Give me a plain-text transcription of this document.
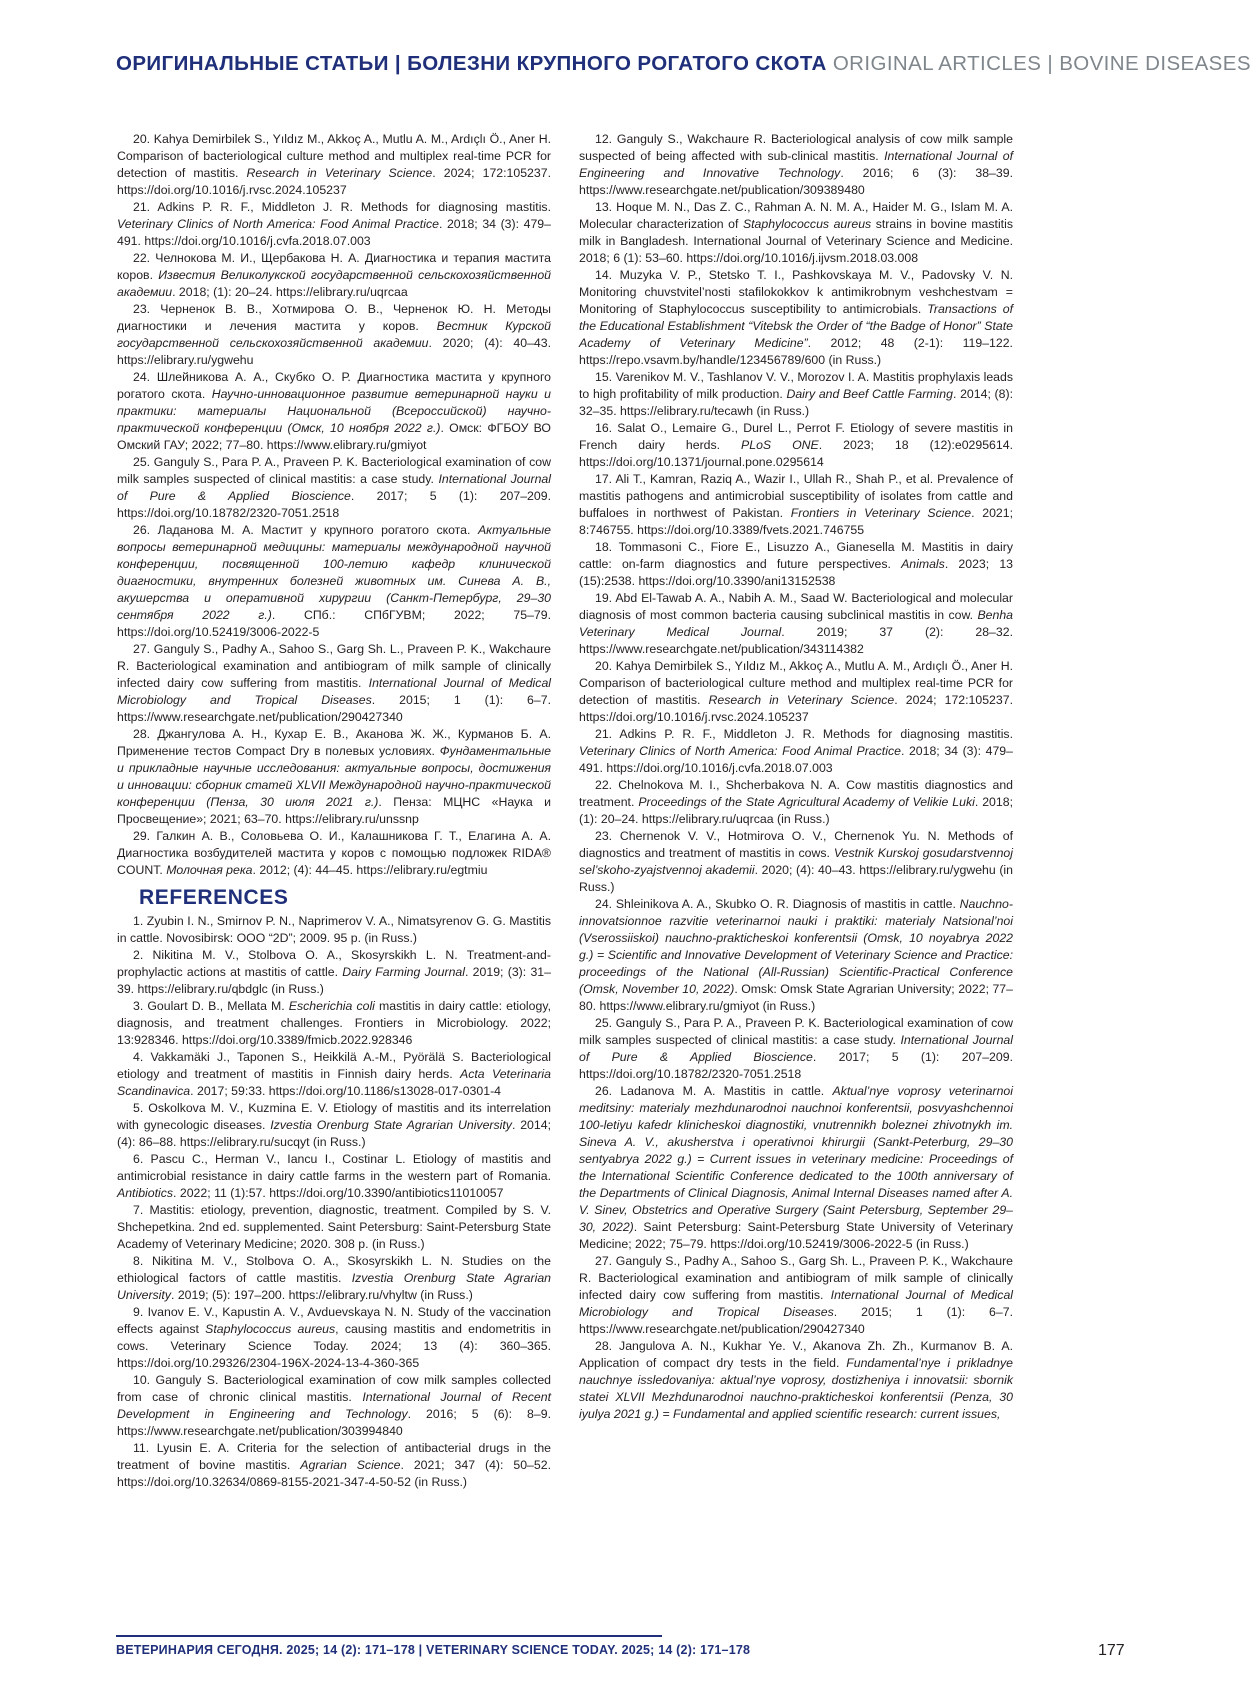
ОРИГИНАЛЬНЫЕ СТАТЬИ | БОЛЕЗНИ КРУПНОГО РОГАТОГО СКОТА ORIGINAL ARTICLES | BOVINE DISEASES

20. Kahya Demirbilek S., Yıldız M., Akkoç A., Mutlu A. M., Ardıçlı Ö., Aner H. Comparison of bacteriological culture method and multiplex real-time PCR for detection of mastitis. Research in Veterinary Science. 2024; 172:105237. https://doi.org/10.1016/j.rvsc.2024.105237

21. Adkins P. R. F., Middleton J. R. Methods for diagnosing mastitis. Veterinary Clinics of North America: Food Animal Practice. 2018; 34 (3): 479–491. https://doi.org/10.1016/j.cvfa.2018.07.003

22. Челнокова М. И., Щербакова Н. А. Диагностика и терапия мастита коров. Известия Великолукской государственной сельскохозяйственной академии. 2018; (1): 20–24. https://elibrary.ru/uqrcaa

23. Черненок В. В., Хотмирова О. В., Черненок Ю. Н. Методы диагностики и лечения мастита у коров. Вестник Курской государственной сельскохозяйственной академии. 2020; (4): 40–43. https://elibrary.ru/ygwehu

24. Шлейникова А. А., Скубко О. Р. Диагностика мастита у крупного рогатого скота. Научно-инновационное развитие ветеринарной науки и практики: материалы Национальной (Всероссийской) научно-практической конференции (Омск, 10 ноября 2022 г.). Омск: ФГБОУ ВО Омский ГАУ; 2022; 77–80. https://www.elibrary.ru/gmiyot

25. Ganguly S., Para P. A., Praveen P. K. Bacteriological examination of cow milk samples suspected of clinical mastitis: a case study. International Journal of Pure & Applied Bioscience. 2017; 5 (1): 207–209. https://doi.org/10.18782/2320-7051.2518

26. Ладанова М. А. Мастит у крупного рогатого скота. Актуальные вопросы ветеринарной медицины: материалы международной научной конференции, посвященной 100-летию кафедр клинической диагностики, внутренних болезней животных им. Синева А. В., акушерства и оперативной хирургии (Санкт-Петербург, 29–30 сентября 2022 г.). СПб.: СПбГУВМ; 2022; 75–79. https://doi.org/10.52419/3006-2022-5

27. Ganguly S., Padhy A., Sahoo S., Garg Sh. L., Praveen P. K., Wakchaure R. Bacteriological examination and antibiogram of milk sample of clinically infected dairy cow suffering from mastitis. International Journal of Medical Microbiology and Tropical Diseases. 2015; 1 (1): 6–7. https://www.researchgate.net/publication/290427340

28. Джангулова А. Н., Кухар Е. В., Аканова Ж. Ж., Курманов Б. А. Применение тестов Compact Dry в полевых условиях. Фундаментальные и прикладные научные исследования: актуальные вопросы, достижения и инновации: сборник статей XLVII Международной научно-практической конференции (Пенза, 30 июля 2021 г.). Пенза: МЦНС «Наука и Просвещение»; 2021; 63–70. https://elibrary.ru/unssnp

29. Галкин А. В., Соловьева О. И., Калашникова Г. Т., Елагина А. А. Диагностика возбудителей мастита у коров с помощью подложек RIDA® COUNT. Молочная река. 2012; (4): 44–45. https://elibrary.ru/egtmiu

REFERENCES

1. Zyubin I. N., Smirnov P. N., Naprimerov V. A., Nimatsyrenov G. G. Mastitis in cattle. Novosibirsk: OOO “2D”; 2009. 95 p. (in Russ.)

2. Nikitina M. V., Stolbova O. A., Skosyrskikh L. N. Treatment-and-prophylactic actions at mastitis of cattle. Dairy Farming Journal. 2019; (3): 31–39. https://elibrary.ru/qbdglc (in Russ.)

3. Goulart D. B., Mellata M. Escherichia coli mastitis in dairy cattle: etiology, diagnosis, and treatment challenges. Frontiers in Microbiology. 2022; 13:928346. https://doi.org/10.3389/fmicb.2022.928346

4. Vakkamäki J., Taponen S., Heikkilä A.-M., Pyörälä S. Bacteriological etiology and treatment of mastitis in Finnish dairy herds. Acta Veterinaria Scandinavica. 2017; 59:33. https://doi.org/10.1186/s13028-017-0301-4

5. Oskolkova M. V., Kuzmina E. V. Etiology of mastitis and its interrelation with gynecologic diseases. Izvestia Orenburg State Agrarian University. 2014; (4): 86–88. https://elibrary.ru/sucqyt (in Russ.)

6. Pascu C., Herman V., Iancu I., Costinar L. Etiology of mastitis and antimicrobial resistance in dairy cattle farms in the western part of Romania. Antibiotics. 2022; 11 (1):57. https://doi.org/10.3390/antibiotics11010057

7. Mastitis: etiology, prevention, diagnostic, treatment. Compiled by S. V. Shchepetkina. 2nd ed. supplemented. Saint Petersburg: Saint-Petersburg State Academy of Veterinary Medicine; 2020. 308 p. (in Russ.)

8. Nikitina M. V., Stolbova O. A., Skosyrskikh L. N. Studies on the ethiological factors of cattle mastitis. Izvestia Orenburg State Agrarian University. 2019; (5): 197–200. https://elibrary.ru/vhyltw (in Russ.)

9. Ivanov E. V., Kapustin A. V., Avduevskaya N. N. Study of the vaccination effects against Staphylococcus aureus, causing mastitis and endometritis in cows. Veterinary Science Today. 2024; 13 (4): 360–365. https://doi.org/10.29326/2304-196X-2024-13-4-360-365

10. Ganguly S. Bacteriological examination of cow milk samples collected from case of chronic clinical mastitis. International Journal of Recent Development in Engineering and Technology. 2016; 5 (6): 8–9. https://www.researchgate.net/publication/303994840

11. Lyusin E. A. Criteria for the selection of antibacterial drugs in the treatment of bovine mastitis. Agrarian Science. 2021; 347 (4): 50–52. https://doi.org/10.32634/0869-8155-2021-347-4-50-52 (in Russ.)

12. Ganguly S., Wakchaure R. Bacteriological analysis of cow milk sample suspected of being affected with sub-clinical mastitis. International Journal of Engineering and Innovative Technology. 2016; 6 (3): 38–39. https://www.researchgate.net/publication/309389480

13. Hoque M. N., Das Z. C., Rahman A. N. M. A., Haider M. G., Islam M. A. Molecular characterization of Staphylococcus aureus strains in bovine mastitis milk in Bangladesh. International Journal of Veterinary Science and Medicine. 2018; 6 (1): 53–60. https://doi.org/10.1016/j.ijvsm.2018.03.008

14. Muzyka V. P., Stetsko T. I., Pashkovskaya M. V., Padovsky V. N. Monitoring chuvstvitel’nosti stafilokokkov k antimikrobnym veshchestvam = Monitoring of Staphylococcus susceptibility to antimicrobials. Transactions of the Educational Establishment “Vitebsk the Order of “the Badge of Honor” State Academy of Veterinary Medicine”. 2012; 48 (2-1): 119–122. https://repo.vsavm.by/handle/123456789/600 (in Russ.)

15. Varenikov M. V., Tashlanov V. V., Morozov I. A. Mastitis prophylaxis leads to high profitability of milk production. Dairy and Beef Cattle Farming. 2014; (8): 32–35. https://elibrary.ru/tecawh (in Russ.)

16. Salat O., Lemaire G., Durel L., Perrot F. Etiology of severe mastitis in French dairy herds. PLoS ONE. 2023; 18 (12):e0295614. https://doi.org/10.1371/journal.pone.0295614

17. Ali T., Kamran, Raziq A., Wazir I., Ullah R., Shah P., et al. Prevalence of mastitis pathogens and antimicrobial susceptibility of isolates from cattle and buffaloes in northwest of Pakistan. Frontiers in Veterinary Science. 2021; 8:746755. https://doi.org/10.3389/fvets.2021.746755

18. Tommasoni C., Fiore E., Lisuzzo A., Gianesella M. Mastitis in dairy cattle: on-farm diagnostics and future perspectives. Animals. 2023; 13 (15):2538. https://doi.org/10.3390/ani13152538

19. Abd El-Tawab A. A., Nabih A. M., Saad W. Bacteriological and molecular diagnosis of most common bacteria causing subclinical mastitis in cow. Benha Veterinary Medical Journal. 2019; 37 (2): 28–32. https://www.researchgate.net/publication/343114382

20. Kahya Demirbilek S., Yıldız M., Akkoç A., Mutlu A. M., Ardıçlı Ö., Aner H. Comparison of bacteriological culture method and multiplex real-time PCR for detection of mastitis. Research in Veterinary Science. 2024; 172:105237. https://doi.org/10.1016/j.rvsc.2024.105237

21. Adkins P. R. F., Middleton J. R. Methods for diagnosing mastitis. Veterinary Clinics of North America: Food Animal Practice. 2018; 34 (3): 479–491. https://doi.org/10.1016/j.cvfa.2018.07.003

22. Chelnokova M. I., Shcherbakova N. A. Cow mastitis diagnostics and treatment. Proceedings of the State Agricultural Academy of Velikie Luki. 2018; (1): 20–24. https://elibrary.ru/uqrcaa (in Russ.)

23. Chernenok V. V., Hotmirova O. V., Chernenok Yu. N. Methods of diagnostics and treatment of mastitis in cows. Vestnik Kurskoj gosudarstvennoj sel’skoho-zyajstvennoj akademii. 2020; (4): 40–43. https://elibrary.ru/ygwehu (in Russ.)

24. Shleinikova A. A., Skubko O. R. Diagnosis of mastitis in cattle. Nauchno-innovatsionnoe razvitie veterinarnoi nauki i praktiki: materialy Natsional’noi (Vserossiiskoi) nauchno-prakticheskoi konferentsii (Omsk, 10 noyabrya 2022 g.) = Scientific and Innovative Development of Veterinary Science and Practice: proceedings of the National (All-Russian) Scientific-Practical Conference (Omsk, November 10, 2022). Omsk: Omsk State Agrarian University; 2022; 77–80. https://www.elibrary.ru/gmiyot (in Russ.)

25. Ganguly S., Para P. A., Praveen P. K. Bacteriological examination of cow milk samples suspected of clinical mastitis: a case study. International Journal of Pure & Applied Bioscience. 2017; 5 (1): 207–209. https://doi.org/10.18782/2320-7051.2518

26. Ladanova M. A. Mastitis in cattle. Aktual’nye voprosy veterinarnoi meditsiny: materialy mezhdunarodnoi nauchnoi konferentsii, posvyashchennoi 100-letiyu kafedr klinicheskoi diagnostiki, vnutrennikh boleznei zhivotnykh im. Sineva A. V., akusherstva i operativnoi khirurgii (Sankt-Peterburg, 29–30 sentyabrya 2022 g.) = Current issues in veterinary medicine: Proceedings of the International Scientific Conference dedicated to the 100th anniversary of the Departments of Clinical Diagnosis, Animal Internal Diseases named after A. V. Sinev, Obstetrics and Operative Surgery (Saint Petersburg, September 29–30, 2022). Saint Petersburg: Saint-Petersburg State University of Veterinary Medicine; 2022; 75–79. https://doi.org/10.52419/3006-2022-5 (in Russ.)

27. Ganguly S., Padhy A., Sahoo S., Garg Sh. L., Praveen P. K., Wakchaure R. Bacteriological examination and antibiogram of milk sample of clinically infected dairy cow suffering from mastitis. International Journal of Medical Microbiology and Tropical Diseases. 2015; 1 (1): 6–7. https://www.researchgate.net/publication/290427340

28. Jangulova A. N., Kukhar Ye. V., Akanova Zh. Zh., Kurmanov B. A. Application of compact dry tests in the field. Fundamental’nye i prikladnye nauchnye issledovaniya: aktual’nye voprosy, dostizheniya i innovatsii: sbornik statei XLVII Mezhdunarodnoi nauchno-prakticheskoi konferentsii (Penza, 30 iyulya 2021 g.) = Fundamental and applied scientific research: current issues,

ВЕТЕРИНАРИЯ СЕГОДНЯ. 2025; 14 (2): 171–178 | VETERINARY SCIENCE TODAY. 2025; 14 (2): 171–178	177
